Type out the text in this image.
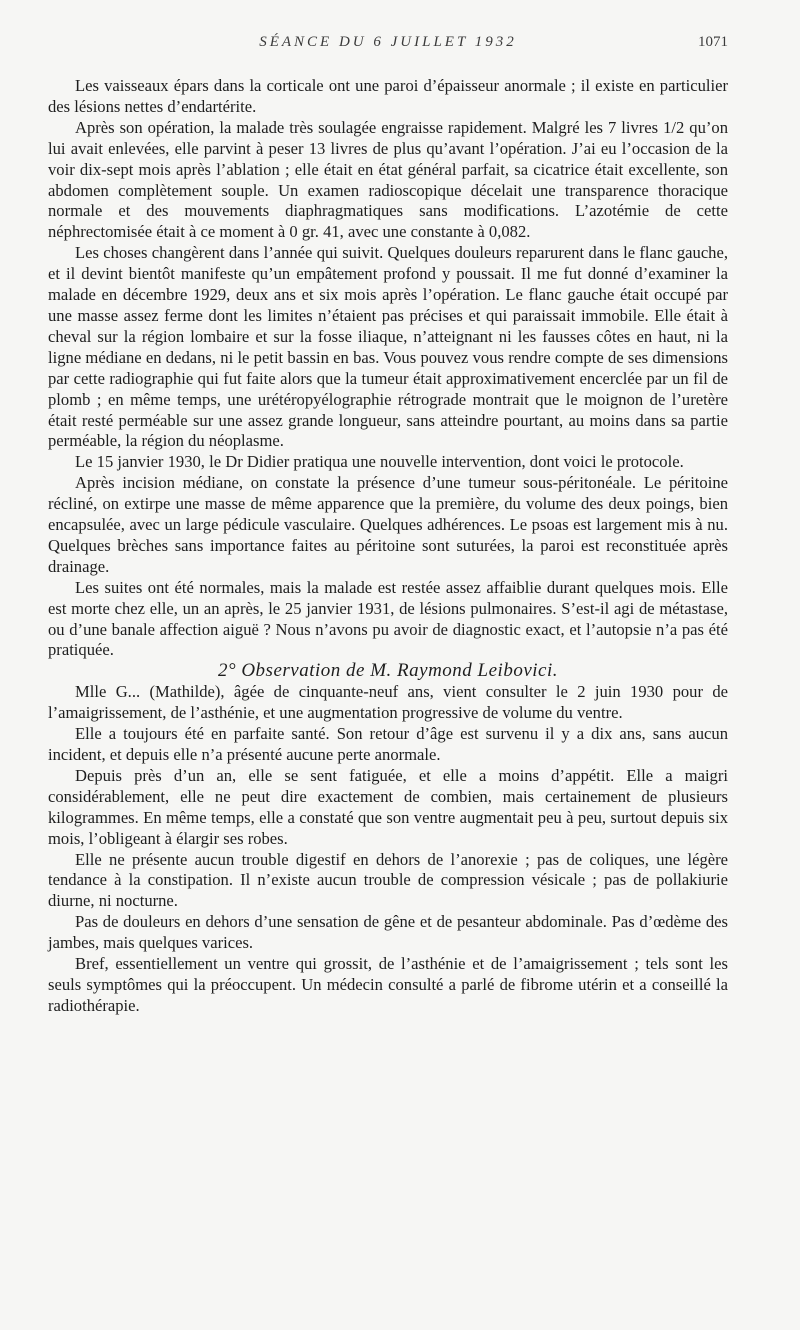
SÉANCE DU 6 JUILLET 1932	1071

Les vaisseaux épars dans la corticale ont une paroi d’épaisseur anormale ; il existe en particulier des lésions nettes d’endartérite.

Après son opération, la malade très soulagée engraisse rapidement. Malgré les 7 livres 1/2 qu’on lui avait enlevées, elle parvint à peser 13 livres de plus qu’avant l’opération. J’ai eu l’occasion de la voir dix-sept mois après l’ablation ; elle était en état général parfait, sa cicatrice était excellente, son abdomen complètement souple. Un examen radioscopique décelait une transparence thoracique normale et des mouvements diaphragmatiques sans modifications. L’azotémie de cette néphrectomisée était à ce moment à 0 gr. 41, avec une constante à 0,082.

Les choses changèrent dans l’année qui suivit. Quelques douleurs reparurent dans le flanc gauche, et il devint bientôt manifeste qu’un empâtement profond y poussait. Il me fut donné d’examiner la malade en décembre 1929, deux ans et six mois après l’opération. Le flanc gauche était occupé par une masse assez ferme dont les limites n’étaient pas précises et qui paraissait immobile. Elle était à cheval sur la région lombaire et sur la fosse iliaque, n’atteignant ni les fausses côtes en haut, ni la ligne médiane en dedans, ni le petit bassin en bas. Vous pouvez vous rendre compte de ses dimensions par cette radiographie qui fut faite alors que la tumeur était approximativement encerclée par un fil de plomb ; en même temps, une urétéropyélographie rétrograde montrait que le moignon de l’uretère était resté perméable sur une assez grande longueur, sans atteindre pourtant, au moins dans sa partie perméable, la région du néoplasme.

Le 15 janvier 1930, le Dr Didier pratiqua une nouvelle intervention, dont voici le protocole.

Après incision médiane, on constate la présence d’une tumeur sous-péritonéale. Le péritoine récliné, on extirpe une masse de même apparence que la première, du volume des deux poings, bien encapsulée, avec un large pédicule vasculaire. Quelques adhérences. Le psoas est largement mis à nu. Quelques brèches sans importance faites au péritoine sont suturées, la paroi est reconstituée après drainage.

Les suites ont été normales, mais la malade est restée assez affaiblie durant quelques mois. Elle est morte chez elle, un an après, le 25 janvier 1931, de lésions pulmonaires. S’est-il agi de métastase, ou d’une banale affection aiguë ? Nous n’avons pu avoir de diagnostic exact, et l’autopsie n’a pas été pratiquée.

2° Observation de M. Raymond Leibovici.

Mlle G... (Mathilde), âgée de cinquante-neuf ans, vient consulter le 2 juin 1930 pour de l’amaigrissement, de l’asthénie, et une augmentation progressive de volume du ventre.

Elle a toujours été en parfaite santé. Son retour d’âge est survenu il y a dix ans, sans aucun incident, et depuis elle n’a présenté aucune perte anormale.

Depuis près d’un an, elle se sent fatiguée, et elle a moins d’appétit. Elle a maigri considérablement, elle ne peut dire exactement de combien, mais certainement de plusieurs kilogrammes. En même temps, elle a constaté que son ventre augmentait peu à peu, surtout depuis six mois, l’obligeant à élargir ses robes.

Elle ne présente aucun trouble digestif en dehors de l’anorexie ; pas de coliques, une légère tendance à la constipation. Il n’existe aucun trouble de compression vésicale ; pas de pollakiurie diurne, ni nocturne.

Pas de douleurs en dehors d’une sensation de gêne et de pesanteur abdominale. Pas d’œdème des jambes, mais quelques varices.

Bref, essentiellement un ventre qui grossit, de l’asthénie et de l’amaigrissement ; tels sont les seuls symptômes qui la préoccupent. Un médecin consulté a parlé de fibrome utérin et a conseillé la radiothérapie.
